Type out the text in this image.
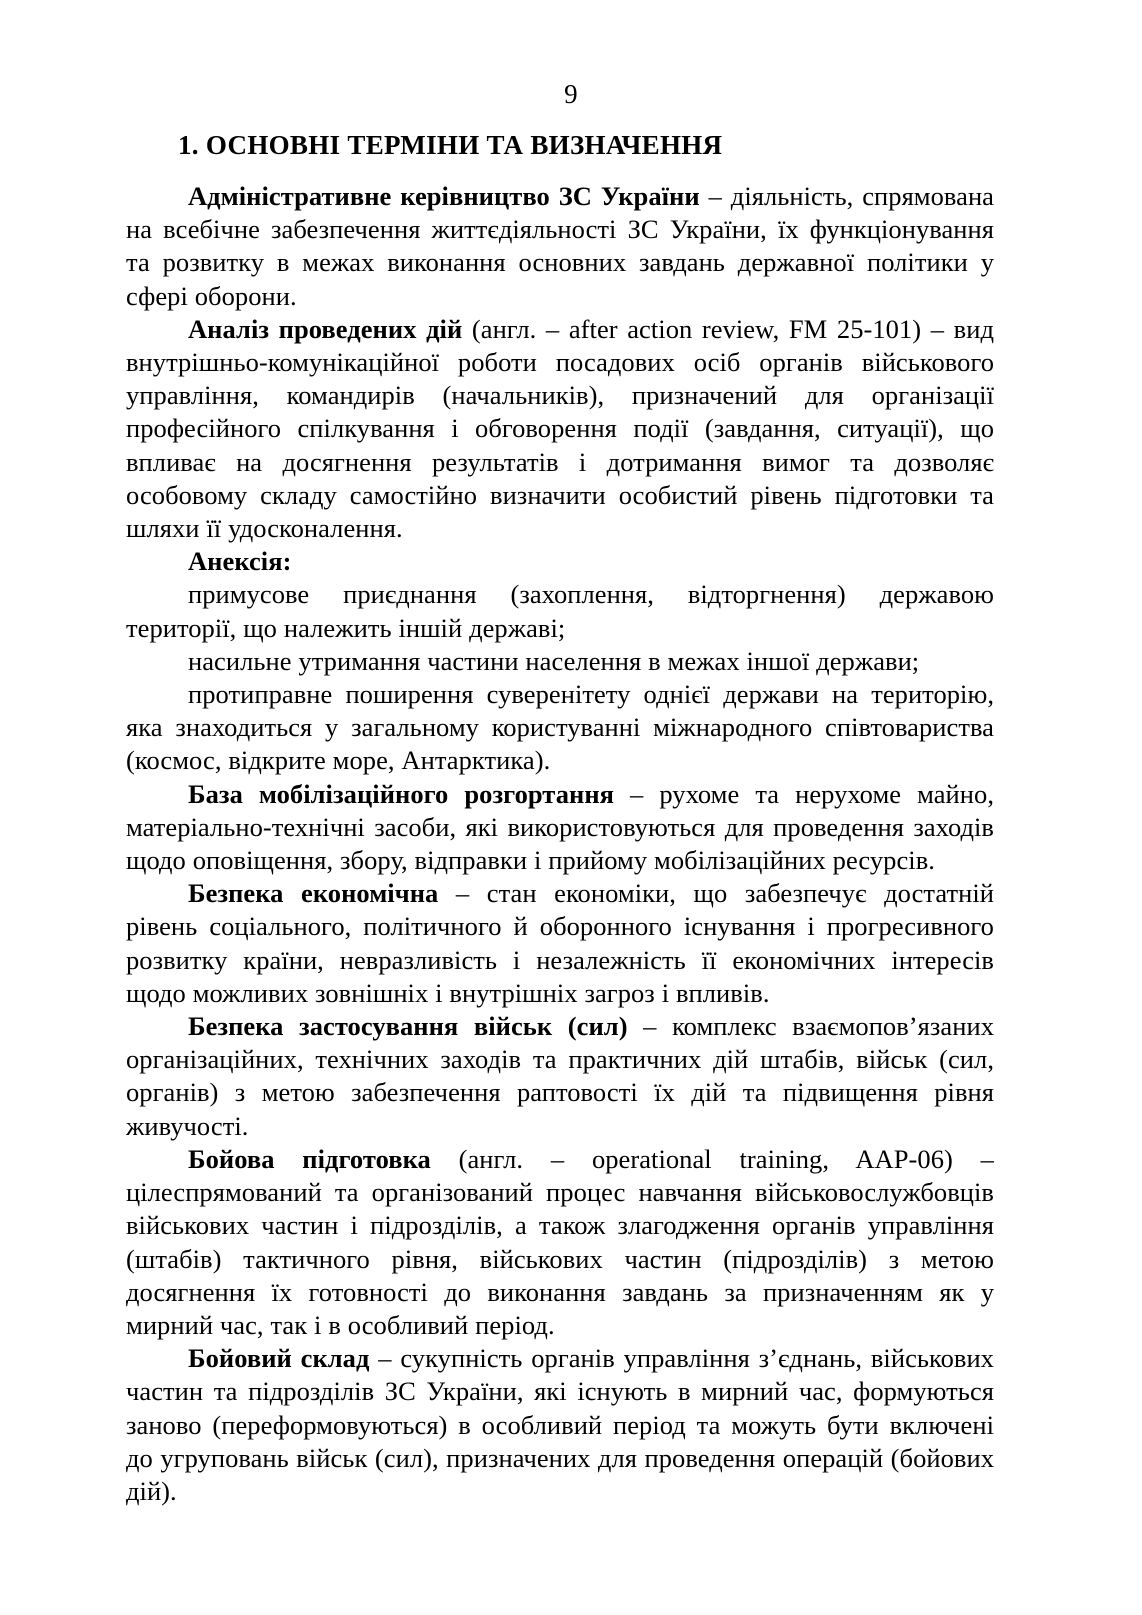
9
1. ОСНОВНІ ТЕРМІНИ ТА ВИЗНАЧЕННЯ

Адміністративне керівництво ЗС України – діяльність, спрямована на всебічне забезпечення життєдіяльності ЗС України, їх функціонування та розвитку в межах виконання основних завдань державної політики у сфері оборони.

Аналіз проведених дій (англ. – after action review, FM 25-101) – вид внутрішньо-комунікаційної роботи посадових осіб органів військового управління, командирів (начальників), призначений для організації професійного спілкування і обговорення події (завдання, ситуації), що впливає на досягнення результатів і дотримання вимог та дозволяє особовому складу самостійно визначити особистий рівень підготовки та шляхи її удосконалення.

Анексія:

примусове приєднання (захоплення, відторгнення) державою території, що належить іншій державі;

насильне утримання частини населення в межах іншої держави;

протиправне поширення суверенітету однієї держави на територію, яка знаходиться у загальному користуванні міжнародного співтовариства (космос, відкрите море, Антарктика).

База мобілізаційного розгортання – рухоме та нерухоме майно, матеріально-технічні засоби, які використовуються для проведення заходів щодо оповіщення, збору, відправки і прийому мобілізаційних ресурсів.

Безпека економічна – стан економіки, що забезпечує достатній рівень соціального, політичного й оборонного існування і прогресивного розвитку країни, невразливість і незалежність її економічних інтересів щодо можливих зовнішніх і внутрішніх загроз і впливів.

Безпека застосування військ (сил) – комплекс взаємопов’язаних організаційних, технічних заходів та практичних дій штабів, військ (сил, органів) з метою забезпечення раптовості їх дій та підвищення рівня живучості.

Бойова підготовка (англ. – operational training, AAP-06) – цілеспрямований та організований процес навчання військовослужбовців військових частин і підрозділів, а також злагодження органів управління (штабів) тактичного рівня, військових частин (підрозділів) з метою досягнення їх готовності до виконання завдань за призначенням як у мирний час, так і в особливий період.

Бойовий склад – сукупність органів управління з’єднань, військових частин та підрозділів ЗС України, які існують в мирний час, формуються заново (переформовуються) в особливий період та можуть бути включені до угруповань військ (сил), призначених для проведення операцій (бойових дій).
